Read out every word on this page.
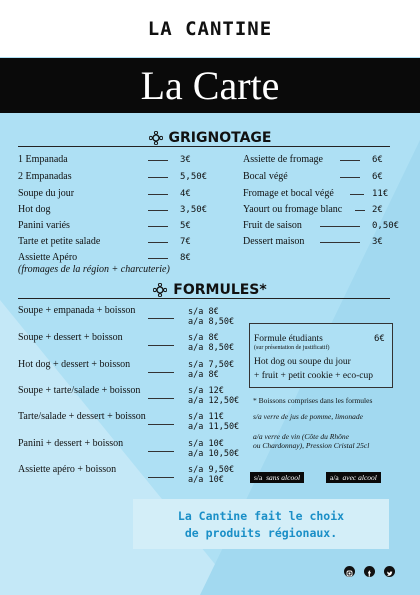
LA CANTINE
La Carte
GRIGNOTAGE
1 Empanada	3€
2 Empanadas	5,50€
Soupe du jour	4€
Hot dog	3,50€
Panini variés	5€
Tarte et petite salade	7€
Assiette Apéro	8€
(fromages de la région + charcuterie)
Assiette de fromage	6€
Bocal végé	6€
Fromage et bocal végé	11€
Yaourt ou fromage blanc	2€
Fruit de saison	0,50€
Dessert maison	3€
FORMULES*
Soupe + empanada + boisson	s/a 8€
a/a 8,50€
Soupe + dessert + boisson	s/a 8€
a/a 8,50€
Hot dog + dessert + boisson	s/a 7,50€
a/a 8€
Soupe + tarte/salade + boisson	s/a 12€
a/a 12,50€
Tarte/salade + dessert + boisson	s/a 11€
a/a 11,50€
Panini + dessert + boisson	s/a 10€
a/a 10,50€
Assiette apéro + boisson	s/a 9,50€
a/a 10€
Formule étudiants	6€
(sur présentation de justificatif)
Hot dog ou soupe du jour
+ fruit + petit cookie + eco-cup
* Boissons comprises dans les formules
s/a verre de jus de pomme, limonade
a/a verre de vin (Côte du Rhône
ou Chardonnay), Pression Cristal 25cl
s/a sans alcool	a/a avec alcool
La Cantine fait le choix
de produits régionaux.
